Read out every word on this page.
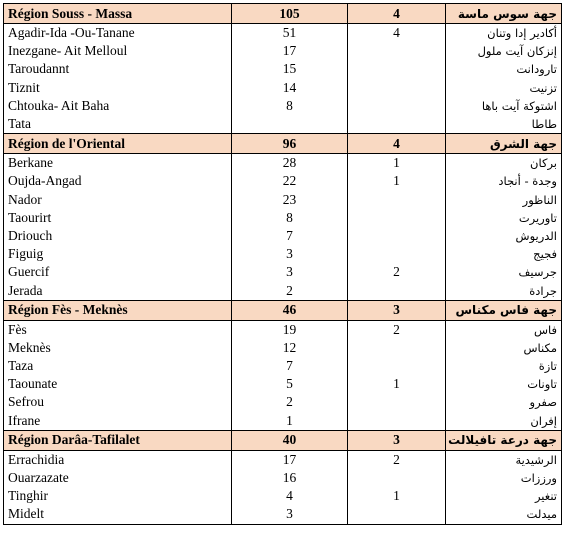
Région Souss - Massa	105	4	جهة سوس ماسة
Agadir-Ida -Ou-Tanane	51	4	أكادير إدا وتنان
Inezgane- Ait Melloul	17		إنزكان آيت ملول
Taroudannt	15		تارودانت
Tiznit	14		تزنيت
Chtouka- Ait Baha	8		اشتوكة آيت باها
Tata			طاطا
Région de l'Oriental	96	4	جهة الشرق
Berkane	28	1	بركان
Oujda-Angad	22	1	وجدة - أنجاد
Nador	23		الناظور
Taourirt	8		تاوريرت
Driouch	7		الدريوش
Figuig	3		فجيج
Guercif	3	2	جرسيف
Jerada	2		جرادة
Région Fès - Meknès	46	3	جهة فاس مكناس
Fès	19	2	فاس
Meknès	12		مكناس
Taza	7		تازة
Taounate	5	1	تاونات
Sefrou	2		صفرو
Ifrane	1		إفران
Région Darâa-Tafilalet	40	3	جهة درعة تافيلالت
Errachidia	17	2	الرشيدية
Ouarzazate	16		ورززات
Tinghir	4	1	تنغير
Midelt	3		ميدلت
